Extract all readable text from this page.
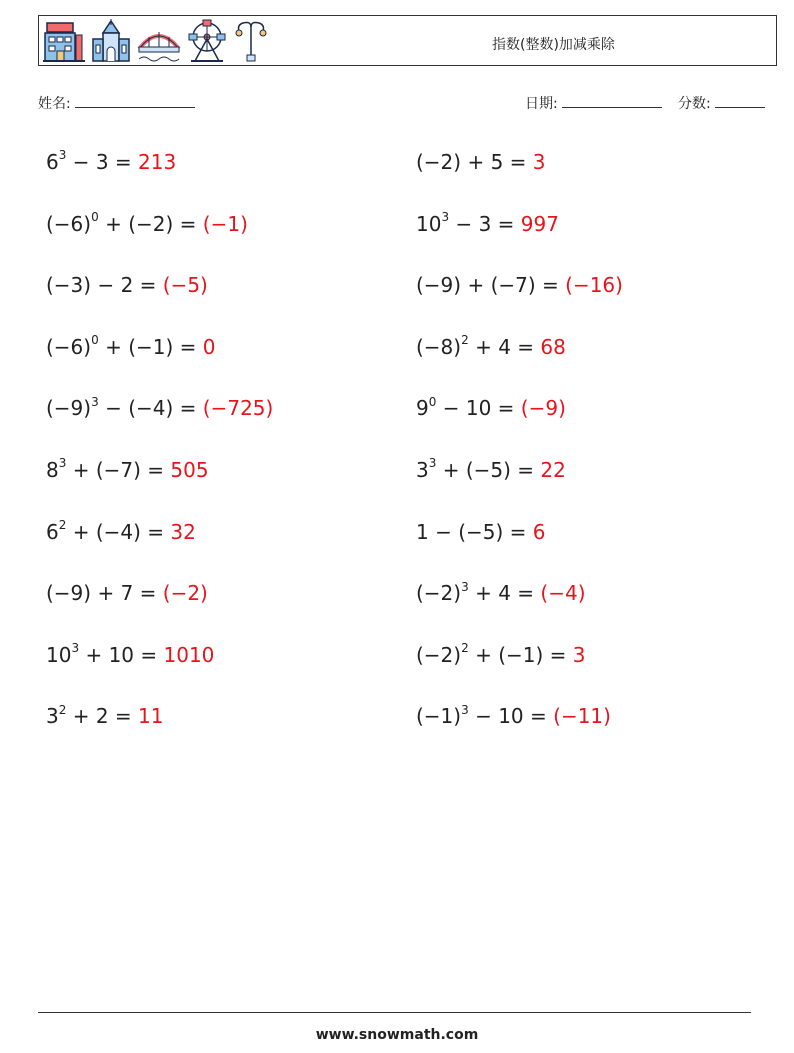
指数(整数)加减乘除
姓名:	日期:	分数:
$6^3 - 3 = 213$	(−2) + 5 = 3
$(-6)^0 + (-2) = (-1)$	$10^3 - 3 = 997$
(−3) − 2 = (−5)	(−9) + (−7) = (−16)
$(-6)^0 + (-1) = 0$	$(-8)^2 + 4 = 68$
$(-9)^3 - (-4) = (-725)$	$9^0 - 10 = (-9)$
$8^3 + (-7) = 505$	$3^3 + (-5) = 22$
$6^2 + (-4) = 32$	1 − (−5) = 6
(−9) + 7 = (−2)	$(-2)^3 + 4 = (-4)$
$10^3 + 10 = 1010$	$(-2)^2 + (-1) = 3$
$3^2 + 2 = 11$	$(-1)^3 - 10 = (-11)$
www.snowmath.com
